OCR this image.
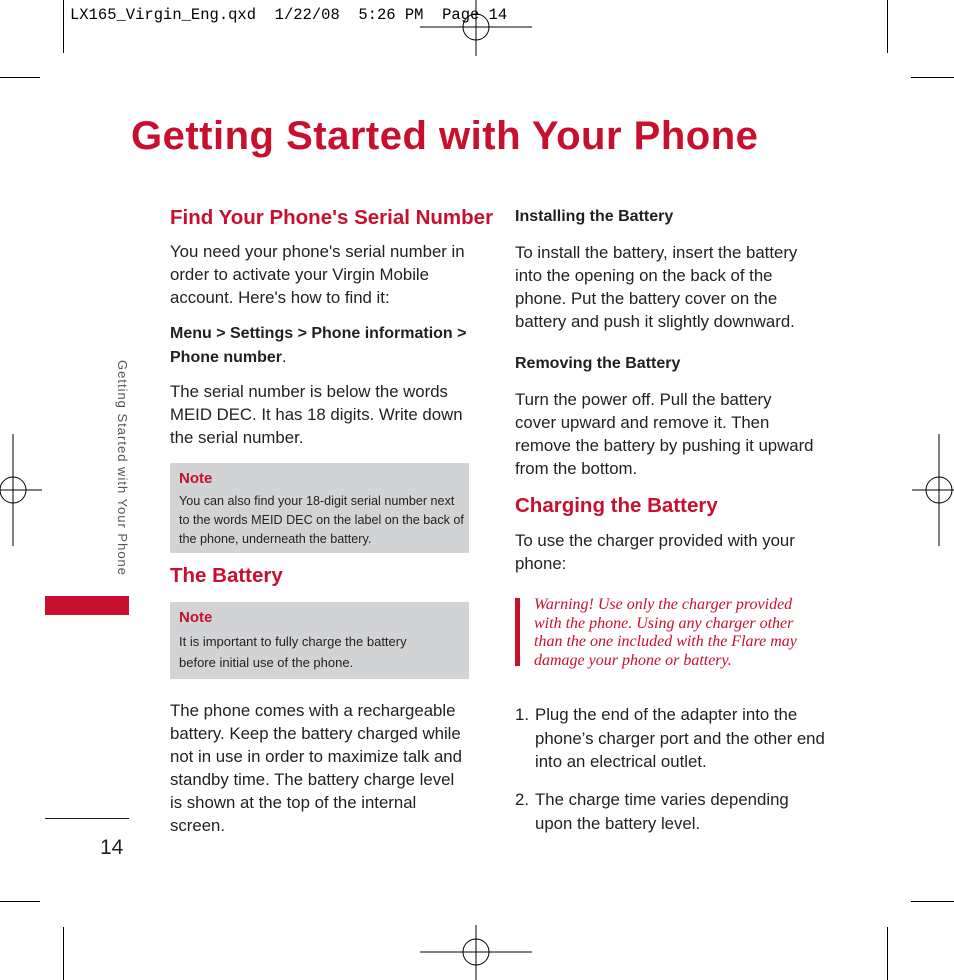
LX165_Virgin_Eng.qxd 1/22/08 5:26 PM Page 14
Getting Started with Your Phone
Getting Started with Your Phone
14
Find Your Phone's Serial Number
You need your phone's serial number in order to activate your Virgin Mobile account. Here's how to find it:
Menu > Settings > Phone information > Phone number.
The serial number is below the words MEID DEC. It has 18 digits. Write down the serial number.
Note
You can also find your 18-digit serial number next to the words MEID DEC on the label on the back of the phone, underneath the battery.
The Battery
Note
It is important to fully charge the battery before initial use of the phone.
The phone comes with a rechargeable battery. Keep the battery charged while not in use in order to maximize talk and standby time. The battery charge level is shown at the top of the internal screen.
Installing the Battery
To install the battery, insert the battery into the opening on the back of the phone. Put the battery cover on the battery and push it slightly downward.
Removing the Battery
Turn the power off. Pull the battery cover upward and remove it. Then remove the battery by pushing it upward from the bottom.
Charging the Battery
To use the charger provided with your phone:
Warning! Use only the charger provided with the phone. Using any charger other than the one included with the Flare may damage your phone or battery.
1. Plug the end of the adapter into the phone’s charger port and the other end into an electrical outlet.
2. The charge time varies depending upon the battery level.
